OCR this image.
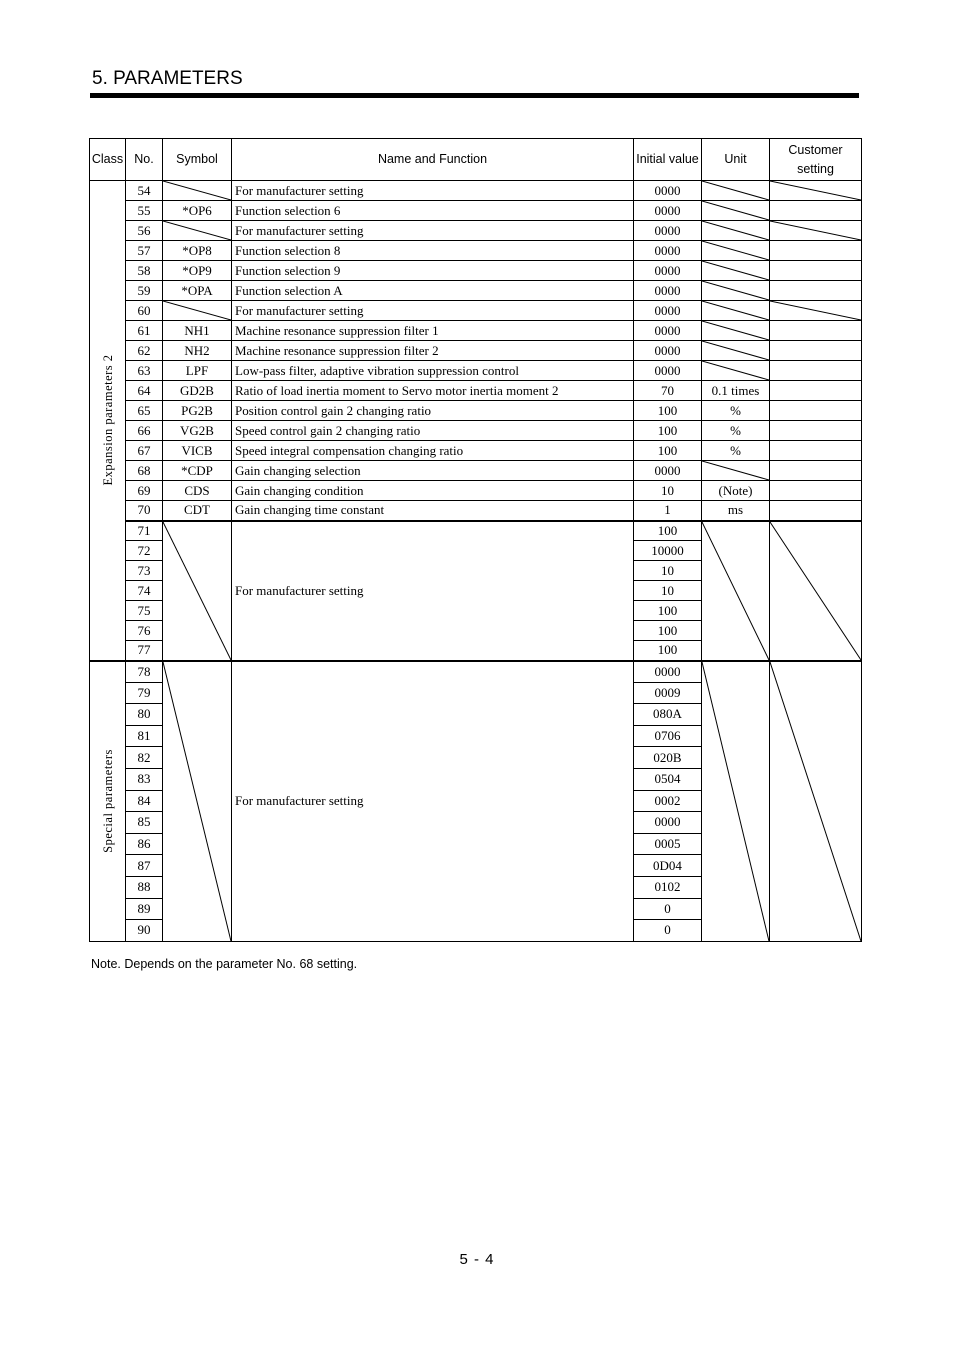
5. PARAMETERS
Class	No.	Symbol	Name and Function	Initial value	Unit	Customer setting

Expansion parameters 2	54		For manufacturer setting	0000	

	55	*OP6	Function selection 6	0000	

	56		For manufacturer setting	0000	

	57	*OP8	Function selection 8	0000	

	58	*OP9	Function selection 9	0000	

	59	*OPA	Function selection A	0000	

	60		For manufacturer setting	0000	

	61	NH1	Machine resonance suppression filter 1	0000	

	62	NH2	Machine resonance suppression filter 2	0000	

	63	LPF	Low-pass filter, adaptive vibration suppression control	0000	

	64	GD2B	Ratio of load inertia moment to Servo motor inertia moment 2	70	0.1 times	
	65	PG2B	Position control gain 2 changing ratio	100	%	
	66	VG2B	Speed control gain 2 changing ratio	100	%	
	67	VICB	Speed integral compensation changing ratio	100	%	
	68	*CDP	Gain changing selection	0000	

	69	CDS	Gain changing condition	10	(Note)	
	70	CDT	Gain changing time constant	1	ms	
	71		For manufacturer setting	100	

	72			10000		
	73			10		
	74			10		
	75			100		
	76			100		
	77			100		

Special parameters	78		For manufacturer setting	0000	

	79			0009		
	80			080A		
	81			0706		
	82			020B		
	83			0504		
	84			0002		
	85			0000		
	86			0005		
	87			0D04		
	88			0102		
	89			0		
	90			0		
Note. Depends on the parameter No. 68 setting.
5 - 4
